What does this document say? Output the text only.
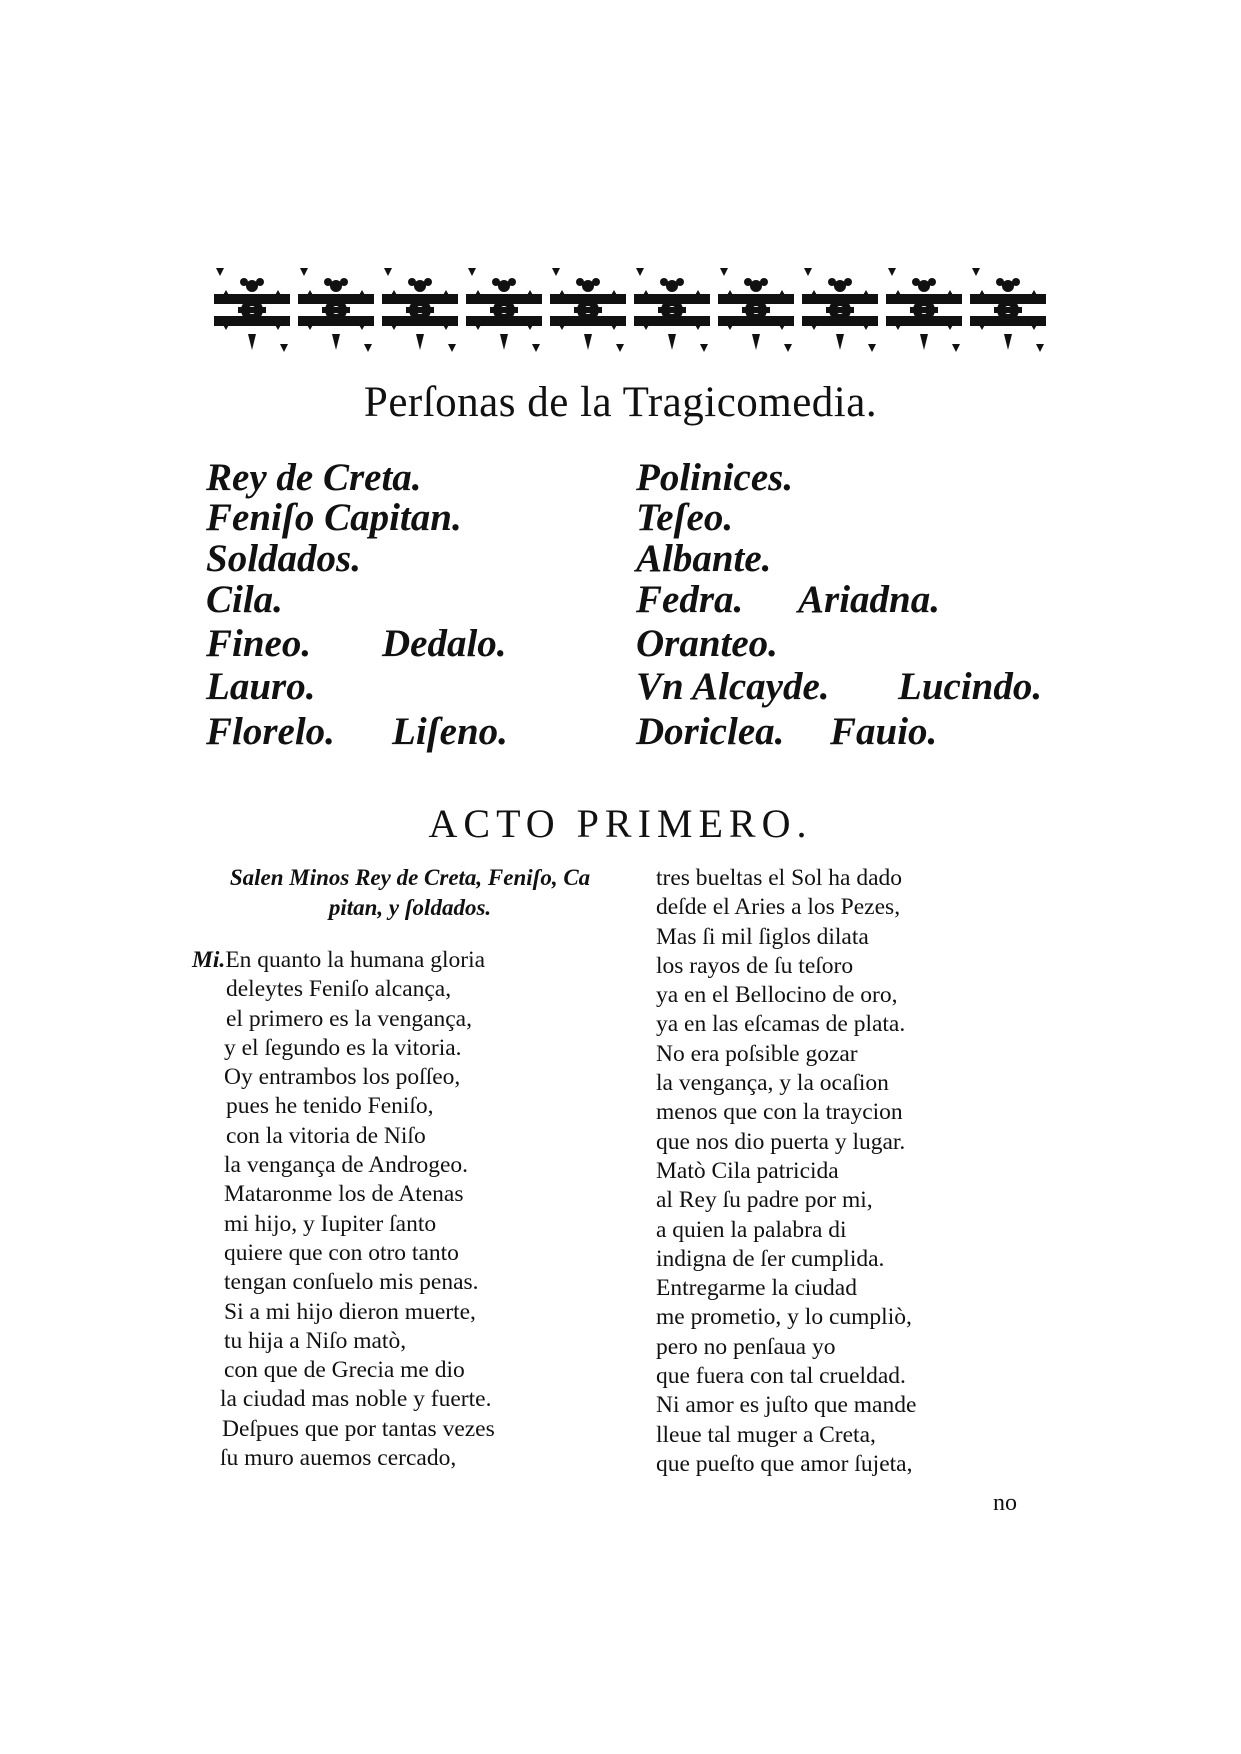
Perſonas de la Tragicomedia.
Rey de Creta.
Feniſo Capitan.
Soldados.
Cila.
Fineo.
Lauro.
Florelo.
Dedalo.
Liſeno.
Polinices.
Teſeo.
Albante.
Fedra.
Oranteo.
Vn Alcayde.
Doriclea.
Ariadna.
Lucindo.
Fauio.
ACTO PRIMERO.
Salen Minos Rey de Creta, Feniſo, Ca
pitan, y ſoldados.
Mi.En quanto la humana gloria
deleytes Feniſo alcança,
el primero es la vengança,
y el ſegundo es la vitoria.
Oy entrambos los poſſeo,
pues he tenido Feniſo,
con la vitoria de Niſo
la vengança de Androgeo.
Mataronme los de Atenas
mi hijo, y Iupiter ſanto
quiere que con otro tanto
tengan conſuelo mis penas.
Si a mi hijo dieron muerte,
tu hija a Niſo matò,
con que de Grecia me dio
la ciudad mas noble y fuerte.
Deſpues que por tantas vezes
ſu muro auemos cercado,
tres bueltas el Sol ha dado
deſde el Aries a los Pezes,
Mas ſi mil ſiglos dilata
los rayos de ſu teſoro
ya en el Bellocino de oro,
ya en las eſcamas de plata.
No era poſsible gozar
la vengança, y la ocaſion
menos que con la traycion
que nos dio puerta y lugar.
Matò Cila patricida
al Rey ſu padre por mi,
a quien la palabra di
indigna de ſer cumplida.
Entregarme la ciudad
me prometio, y lo cumpliò,
pero no penſaua yo
que fuera con tal crueldad.
Ni amor es juſto que mande
lleue tal muger a Creta,
que pueſto que amor ſujeta,
no
